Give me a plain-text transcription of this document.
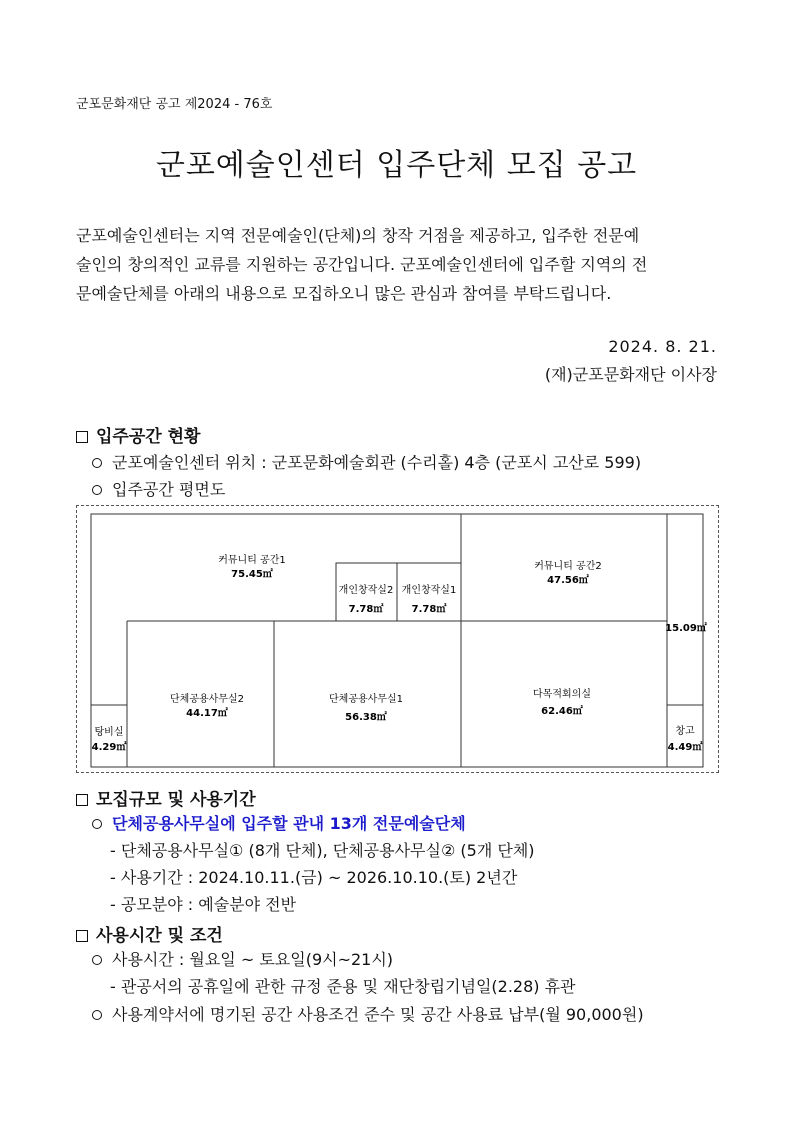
군포문화재단 공고 제2024 - 76호
군포예술인센터 입주단체 모집 공고
군포예술인센터는 지역 전문예술인(단체)의 창작 거점을 제공하고, 입주한 전문예
술인의 창의적인 교류를 지원하는 공간입니다. 군포예술인센터에 입주할 지역의 전
문예술단체를 아래의 내용으로 모집하오니 많은 관심과 참여를 부탁드립니다.
2024. 8. 21.
(재)군포문화재단 이사장
입주공간 현황
군포예술인센터 위치 : 군포문화예술회관 (수리홀) 4층 (군포시 고산로 599)
입주공간 평면도
커뮤니티 공간1
75.45㎡
개인창작실2
7.78㎡
개인창작실1
7.78㎡
커뮤니티 공간2
47.56㎡
15.09㎡
탕비실
4.29㎡
단체공용사무실2
44.17㎡
단체공용사무실1
56.38㎡
다목적회의실
62.46㎡
창고
4.49㎡
모집규모 및 사용기간
단체공용사무실에 입주할 관내 13개 전문예술단체
- 단체공용사무실① (8개 단체), 단체공용사무실② (5개 단체)
- 사용기간 : 2024.10.11.(금) ~ 2026.10.10.(토) 2년간
- 공모분야 : 예술분야 전반
사용시간 및 조건
사용시간 : 월요일 ~ 토요일(9시~21시)
- 관공서의 공휴일에 관한 규정 준용 및 재단창립기념일(2.28) 휴관
사용계약서에 명기된 공간 사용조건 준수 및 공간 사용료 납부(월 90,000원)
